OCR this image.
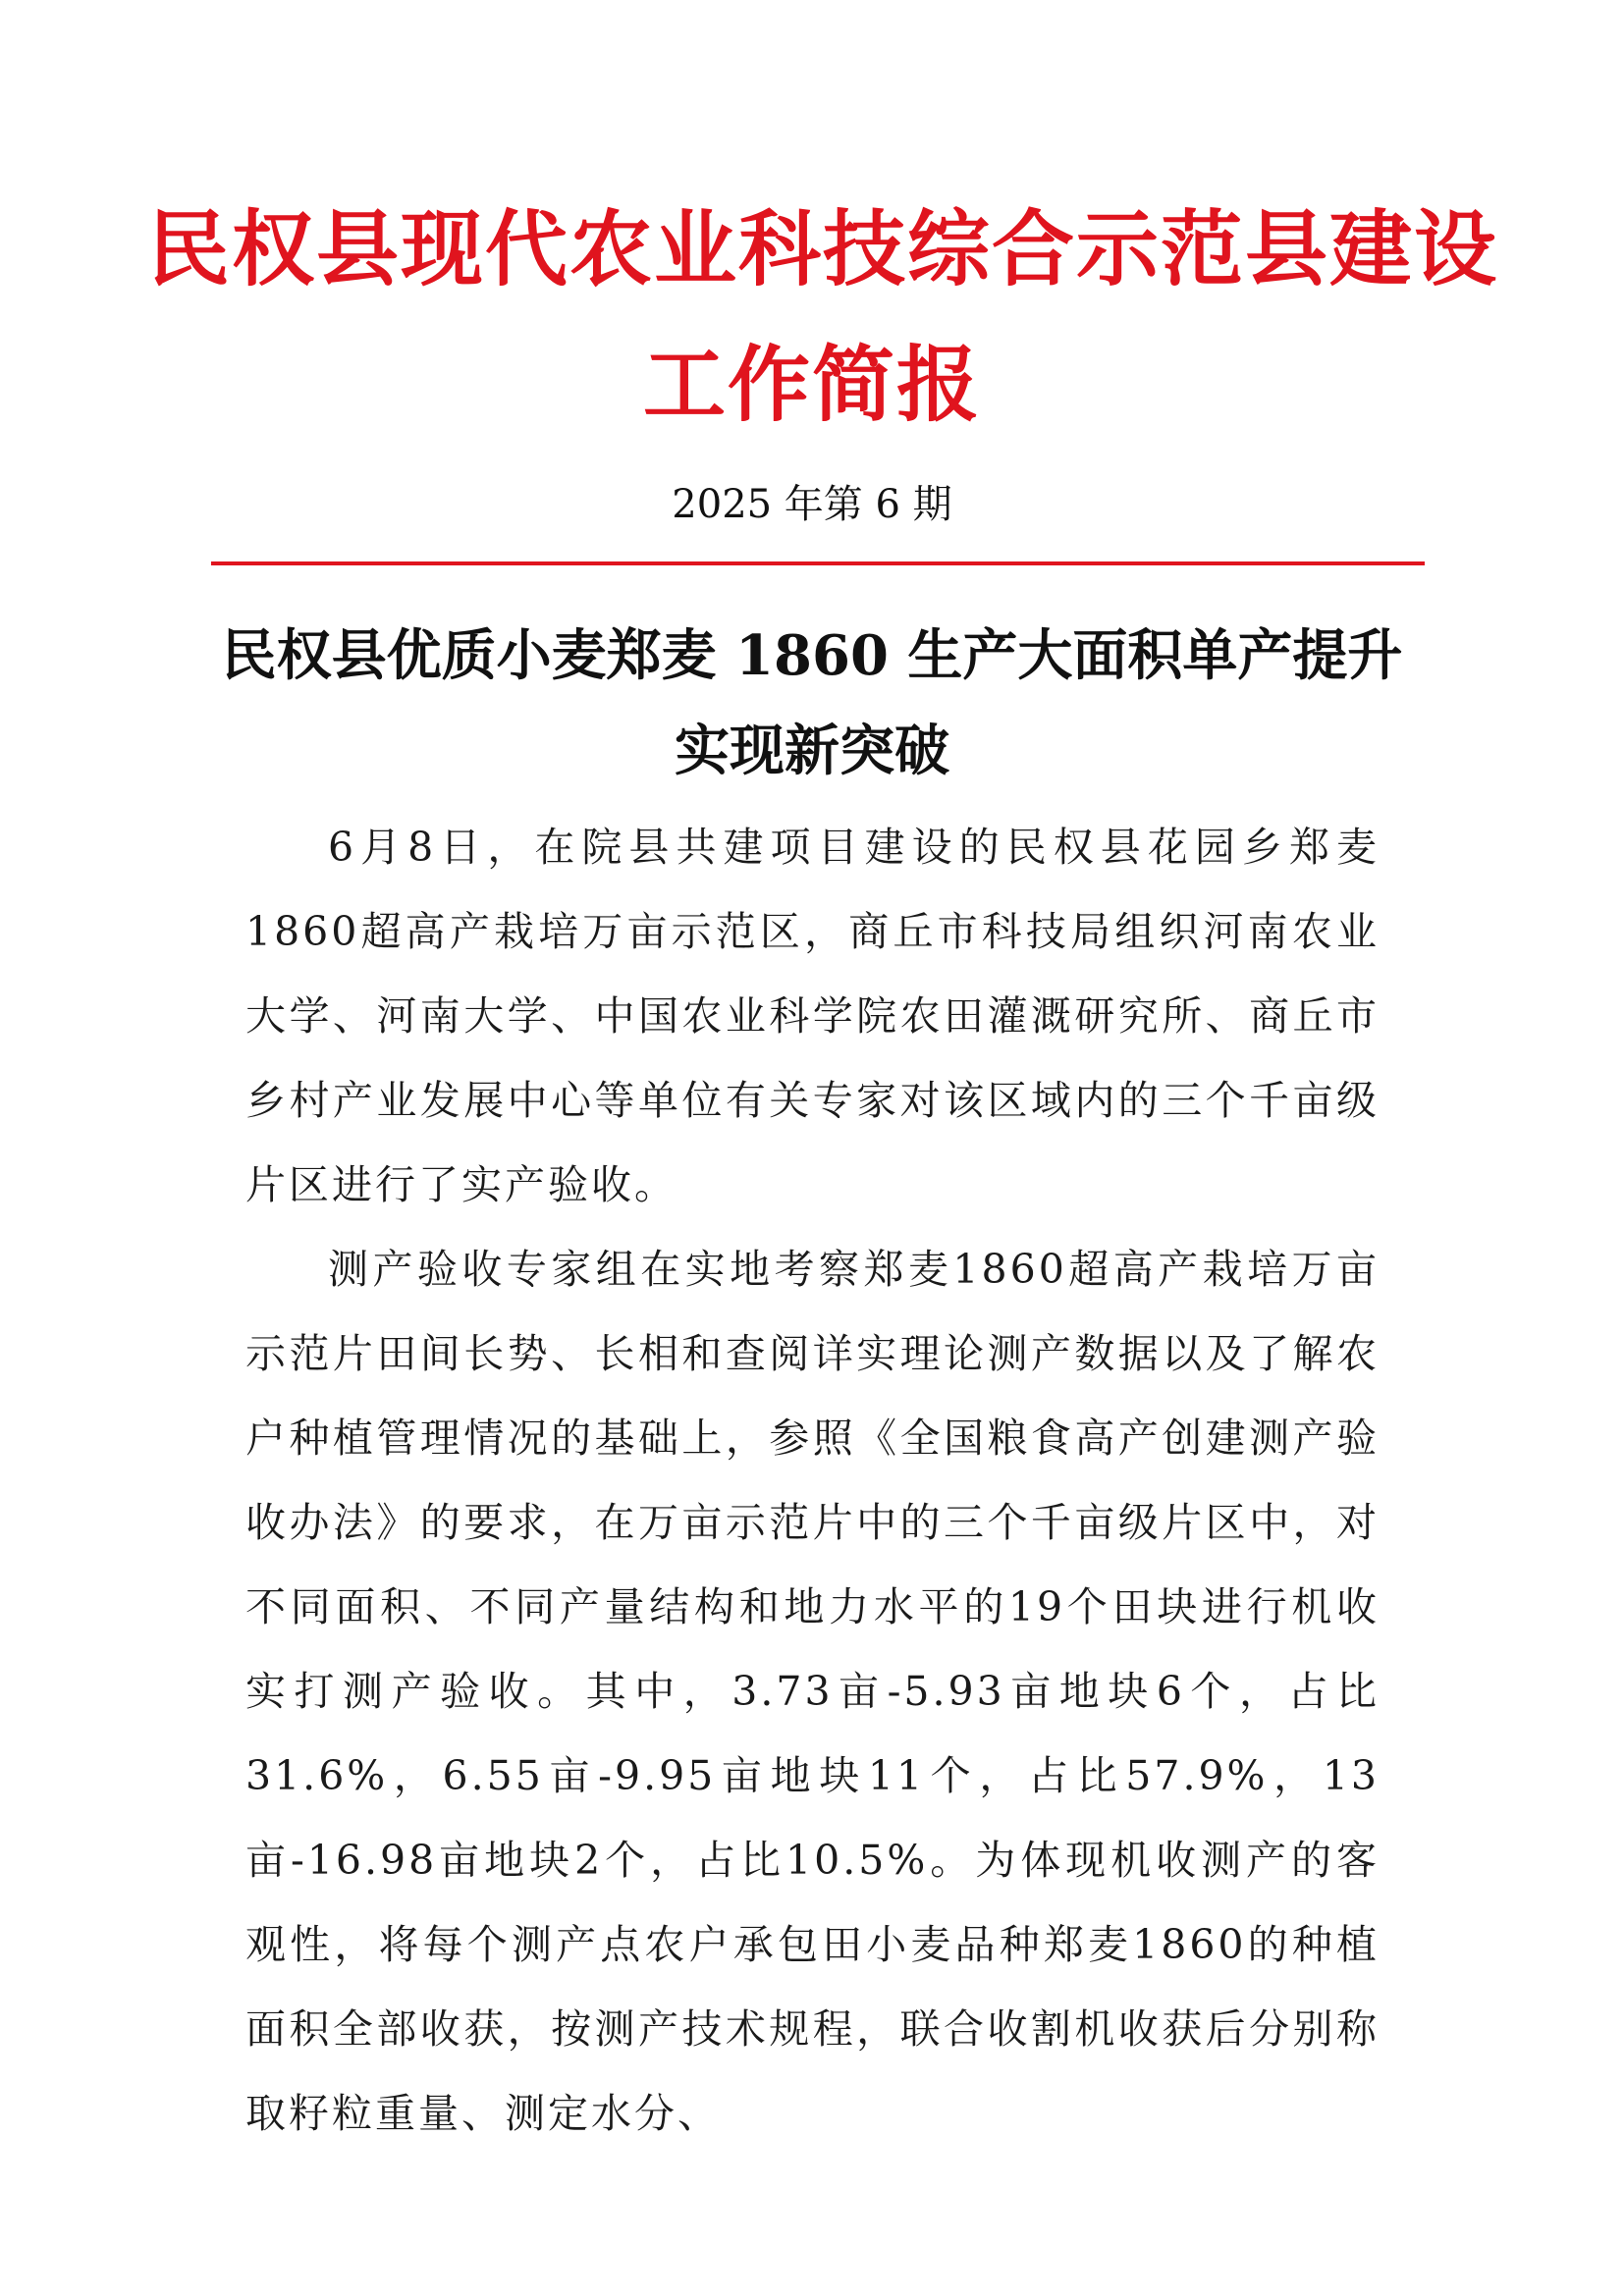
民权县现代农业科技综合示范县建设
工作简报
2025 年第 6 期
民权县优质小麦郑麦 1860 生产大面积单产提升
实现新突破

6月8日，在院县共建项目建设的民权县花园乡郑麦1860超高产栽培万亩示范区，商丘市科技局组织河南农业大学、河南大学、中国农业科学院农田灌溉研究所、商丘市乡村产业发展中心等单位有关专家对该区域内的三个千亩级片区进行了实产验收。

测产验收专家组在实地考察郑麦1860超高产栽培万亩示范片田间长势、长相和查阅详实理论测产数据以及了解农户种植管理情况的基础上，参照《全国粮食高产创建测产验收办法》的要求，在万亩示范片中的三个千亩级片区中，对不同面积、不同产量结构和地力水平的19个田块进行机收实打测产验收。其中，3.73亩-5.93亩地块6个，占比31.6%，6.55亩-9.95亩地块11个，占比57.9%，13亩-16.98亩地块2个，占比10.5%。为体现机收测产的客观性，将每个测产点农户承包田小麦品种郑麦1860的种植面积全部收获，按测产技术规程，联合收割机收获后分别称取籽粒重量、测定水分、
